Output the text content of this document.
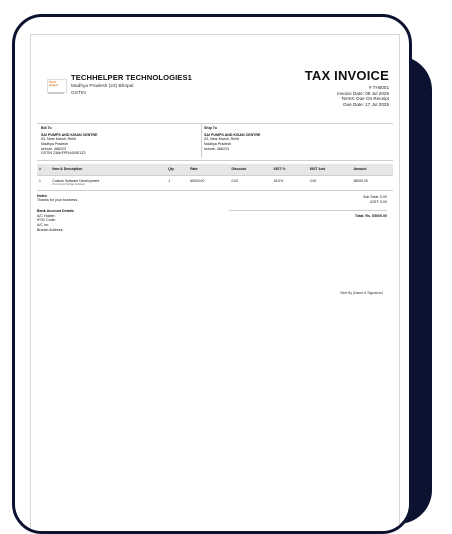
Tech Helper
TECHHELPER TECHNOLOGIES1
Madhya Pradesh (23) Bhopal
GSTIN
TAX INVOICE
# TH0001
Invoice Date: 09 Jul 2025
Terms: Due On Receipt
Due Date: 17 Jul 2025
Bill To
SAI PUMPS AND KISAN CENTRE
03, Near Mandi, Rehti
Madhya Pradesh
sehore, 466223
GSTIN 23AKFPR4400E1Z3
Ship To
SAI PUMPS AND KISAN CENTRE
03, Near Mandi, Rehti
Madhya Pradesh
sehore, 466223
#	Item & Description	Qty	Rate	Discount	IGST %	IGST Amt	Amount
1	Custom Software Development
Pos Grocer Mobile Software	1	65000.00	0.00	18.0%	0.00	65000.00
Notes
Thanks for your business.
Bank Account Details
A/C Holder:
IFSC Code:
A/C no:
Branch Address:
Sub Total: 0.00
IGST: 0.00
Total: Rs. 65000.00
Sent By (Name & Signature)
